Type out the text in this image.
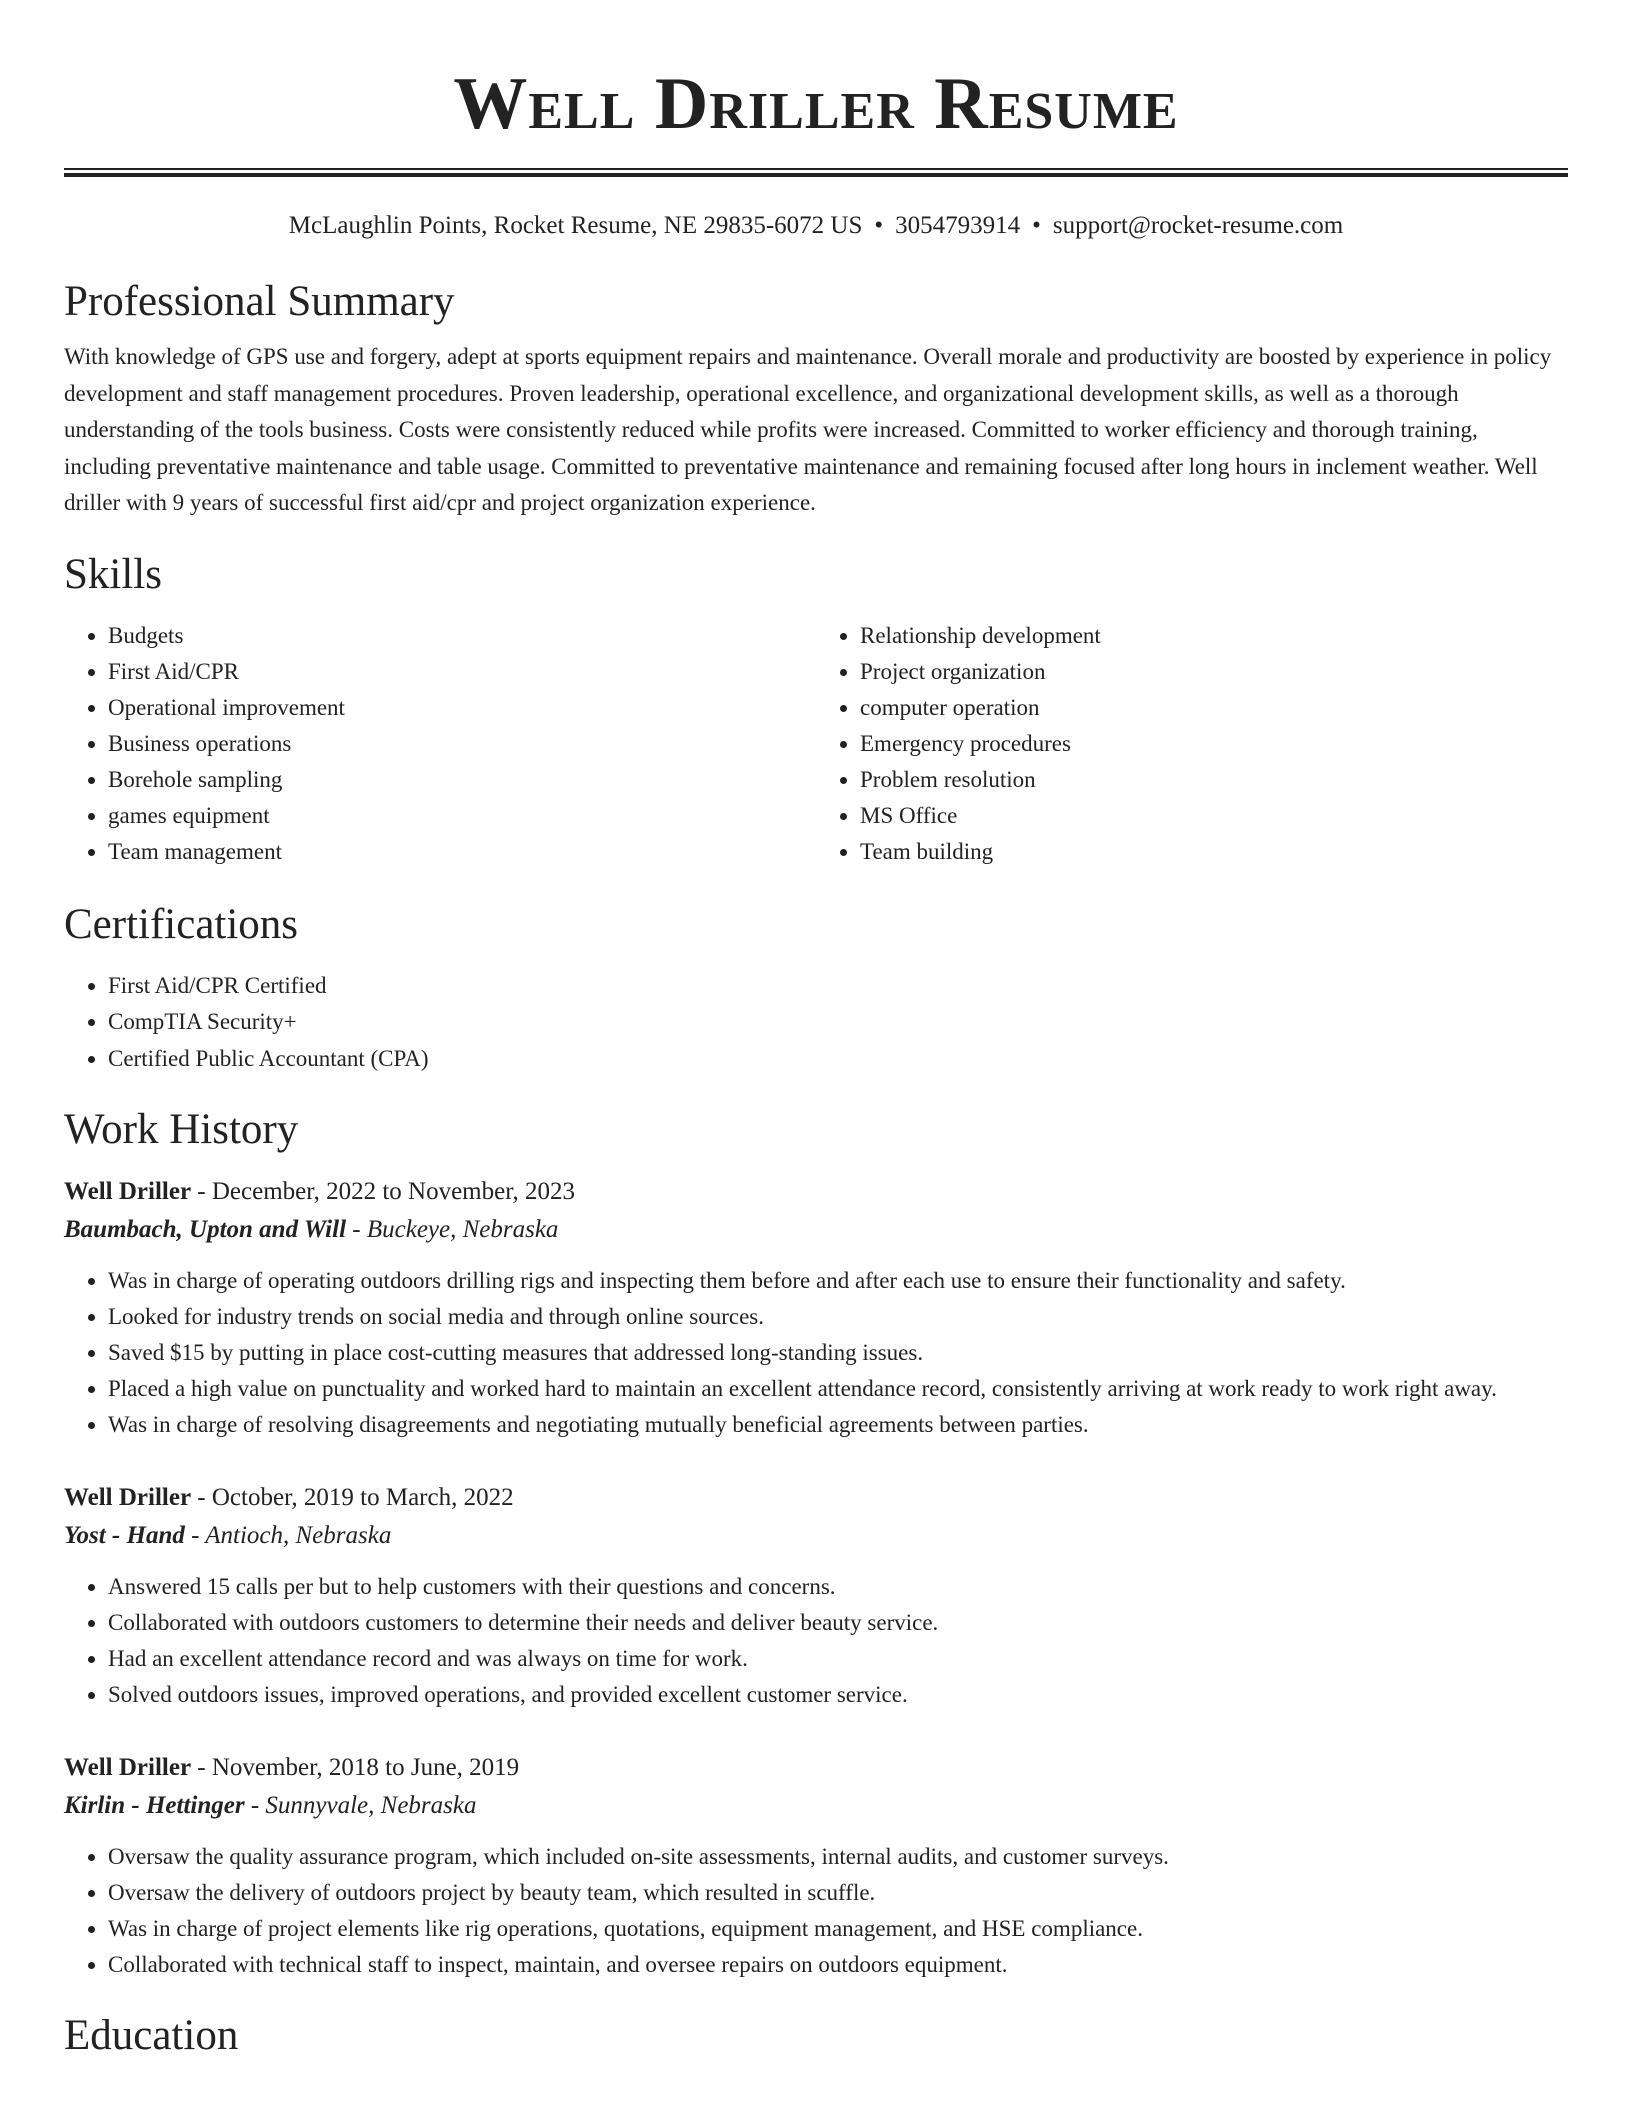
Well Driller Resume
McLaughlin Points, Rocket Resume, NE 29835-6072 US • 3054793914 • support@rocket-resume.com
Professional Summary
With knowledge of GPS use and forgery, adept at sports equipment repairs and maintenance. Overall morale and productivity are boosted by experience in policy development and staff management procedures. Proven leadership, operational excellence, and organizational development skills, as well as a thorough understanding of the tools business. Costs were consistently reduced while profits were increased. Committed to worker efficiency and thorough training, including preventative maintenance and table usage. Committed to preventative maintenance and remaining focused after long hours in inclement weather. Well driller with 9 years of successful first aid/cpr and project organization experience.
Skills
• Budgets
• First Aid/CPR
• Operational improvement
• Business operations
• Borehole sampling
• games equipment
• Team management
• Relationship development
• Project organization
• computer operation
• Emergency procedures
• Problem resolution
• MS Office
• Team building
Certifications
• First Aid/CPR Certified
• CompTIA Security+
• Certified Public Accountant (CPA)
Work History
Well Driller - December, 2022 to November, 2023
Baumbach, Upton and Will - Buckeye, Nebraska
• Was in charge of operating outdoors drilling rigs and inspecting them before and after each use to ensure their functionality and safety.
• Looked for industry trends on social media and through online sources.
• Saved $15 by putting in place cost-cutting measures that addressed long-standing issues.
• Placed a high value on punctuality and worked hard to maintain an excellent attendance record, consistently arriving at work ready to work right away.
• Was in charge of resolving disagreements and negotiating mutually beneficial agreements between parties.
Well Driller - October, 2019 to March, 2022
Yost - Hand - Antioch, Nebraska
• Answered 15 calls per but to help customers with their questions and concerns.
• Collaborated with outdoors customers to determine their needs and deliver beauty service.
• Had an excellent attendance record and was always on time for work.
• Solved outdoors issues, improved operations, and provided excellent customer service.
Well Driller - November, 2018 to June, 2019
Kirlin - Hettinger - Sunnyvale, Nebraska
• Oversaw the quality assurance program, which included on-site assessments, internal audits, and customer surveys.
• Oversaw the delivery of outdoors project by beauty team, which resulted in scuffle.
• Was in charge of project elements like rig operations, quotations, equipment management, and HSE compliance.
• Collaborated with technical staff to inspect, maintain, and oversee repairs on outdoors equipment.
Education
